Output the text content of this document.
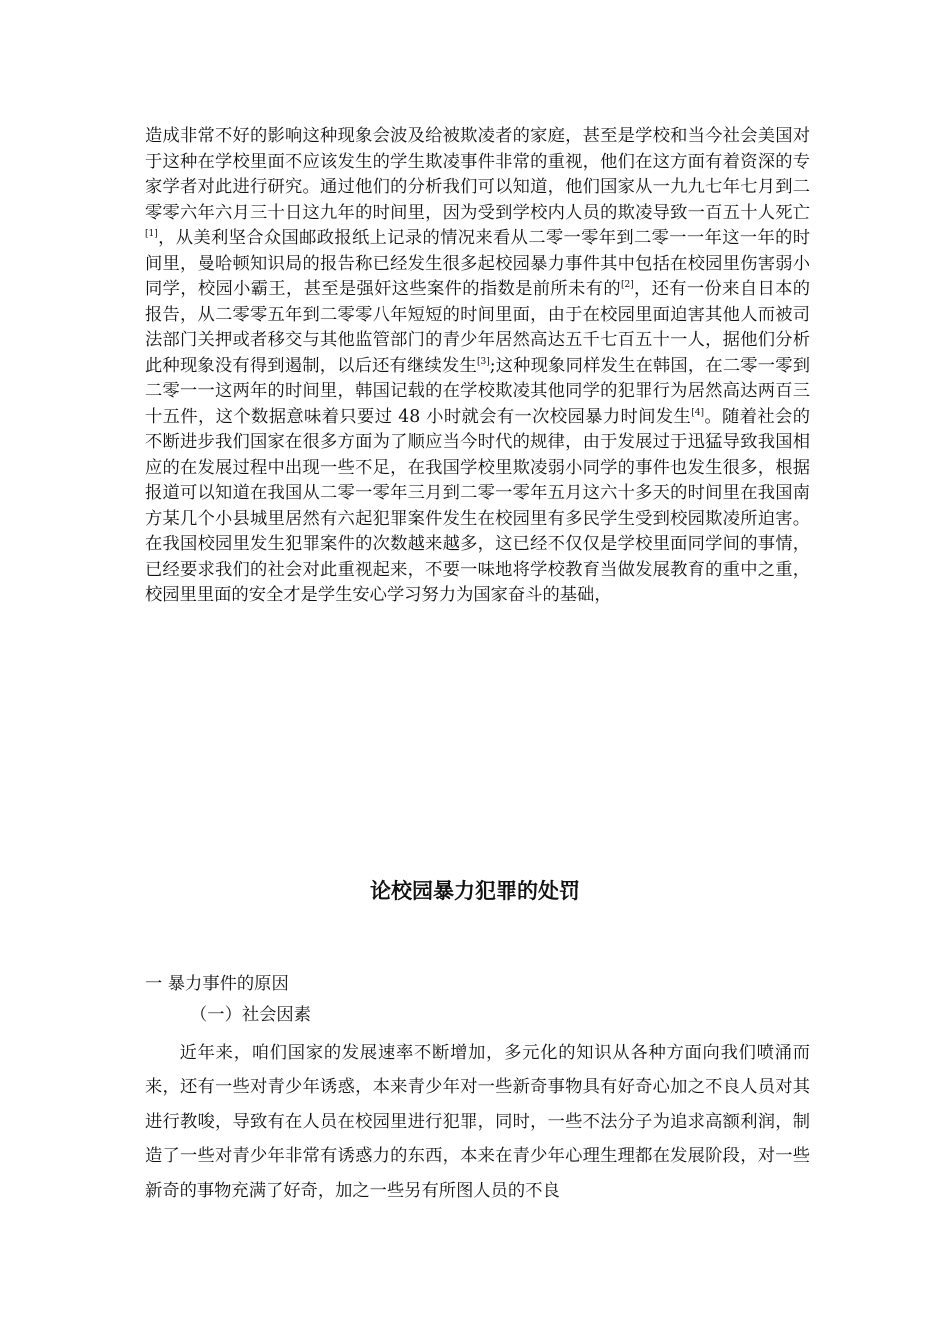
造成非常不好的影响这种现象会波及给被欺凌者的家庭，甚至是学校和当今社会美国对于这种在学校里面不应该发生的学生欺凌事件非常的重视，他们在这方面有着资深的专家学者对此进行研究。通过他们的分析我们可以知道，他们国家从一九九七年七月到二零零六年六月三十日这九年的时间里，因为受到学校内人员的欺凌导致一百五十人死亡[1]，从美利坚合众国邮政报纸上记录的情况来看从二零一零年到二零一一年这一年的时间里，曼哈顿知识局的报告称已经发生很多起校园暴力事件其中包括在校园里伤害弱小同学，校园小霸王，甚至是强奸这些案件的指数是前所未有的[2]，还有一份来自日本的报告，从二零零五年到二零零八年短短的时间里面，由于在校园里面迫害其他人而被司法部门关押或者移交与其他监管部门的青少年居然高达五千七百五十一人，据他们分析此种现象没有得到遏制，以后还有继续发生[3];这种现象同样发生在韩国，在二零一零到二零一一这两年的时间里，韩国记载的在学校欺凌其他同学的犯罪行为居然高达两百三十五件，这个数据意味着只要过 48 小时就会有一次校园暴力时间发生[4]。随着社会的不断进步我们国家在很多方面为了顺应当今时代的规律，由于发展过于迅猛导致我国相应的在发展过程中出现一些不足，在我国学校里欺凌弱小同学的事件也发生很多，根据报道可以知道在我国从二零一零年三月到二零一零年五月这六十多天的时间里在我国南方某几个小县城里居然有六起犯罪案件发生在校园里有多民学生受到校园欺凌所迫害。在我国校园里发生犯罪案件的次数越来越多，这已经不仅仅是学校里面同学间的事情，已经要求我们的社会对此重视起来，不要一味地将学校教育当做发展教育的重中之重，校园里里面的安全才是学生安心学习努力为国家奋斗的基础，
论校园暴力犯罪的处罚
一 暴力事件的原因
（一）社会因素
近年来，咱们国家的发展速率不断增加，多元化的知识从各种方面向我们喷涌而来，还有一些对青少年诱惑，本来青少年对一些新奇事物具有好奇心加之不良人员对其进行教唆，导致有在人员在校园里进行犯罪，同时，一些不法分子为追求高额利润，制造了一些对青少年非常有诱惑力的东西，本来在青少年心理生理都在发展阶段，对一些新奇的事物充满了好奇，加之一些另有所图人员的不良
